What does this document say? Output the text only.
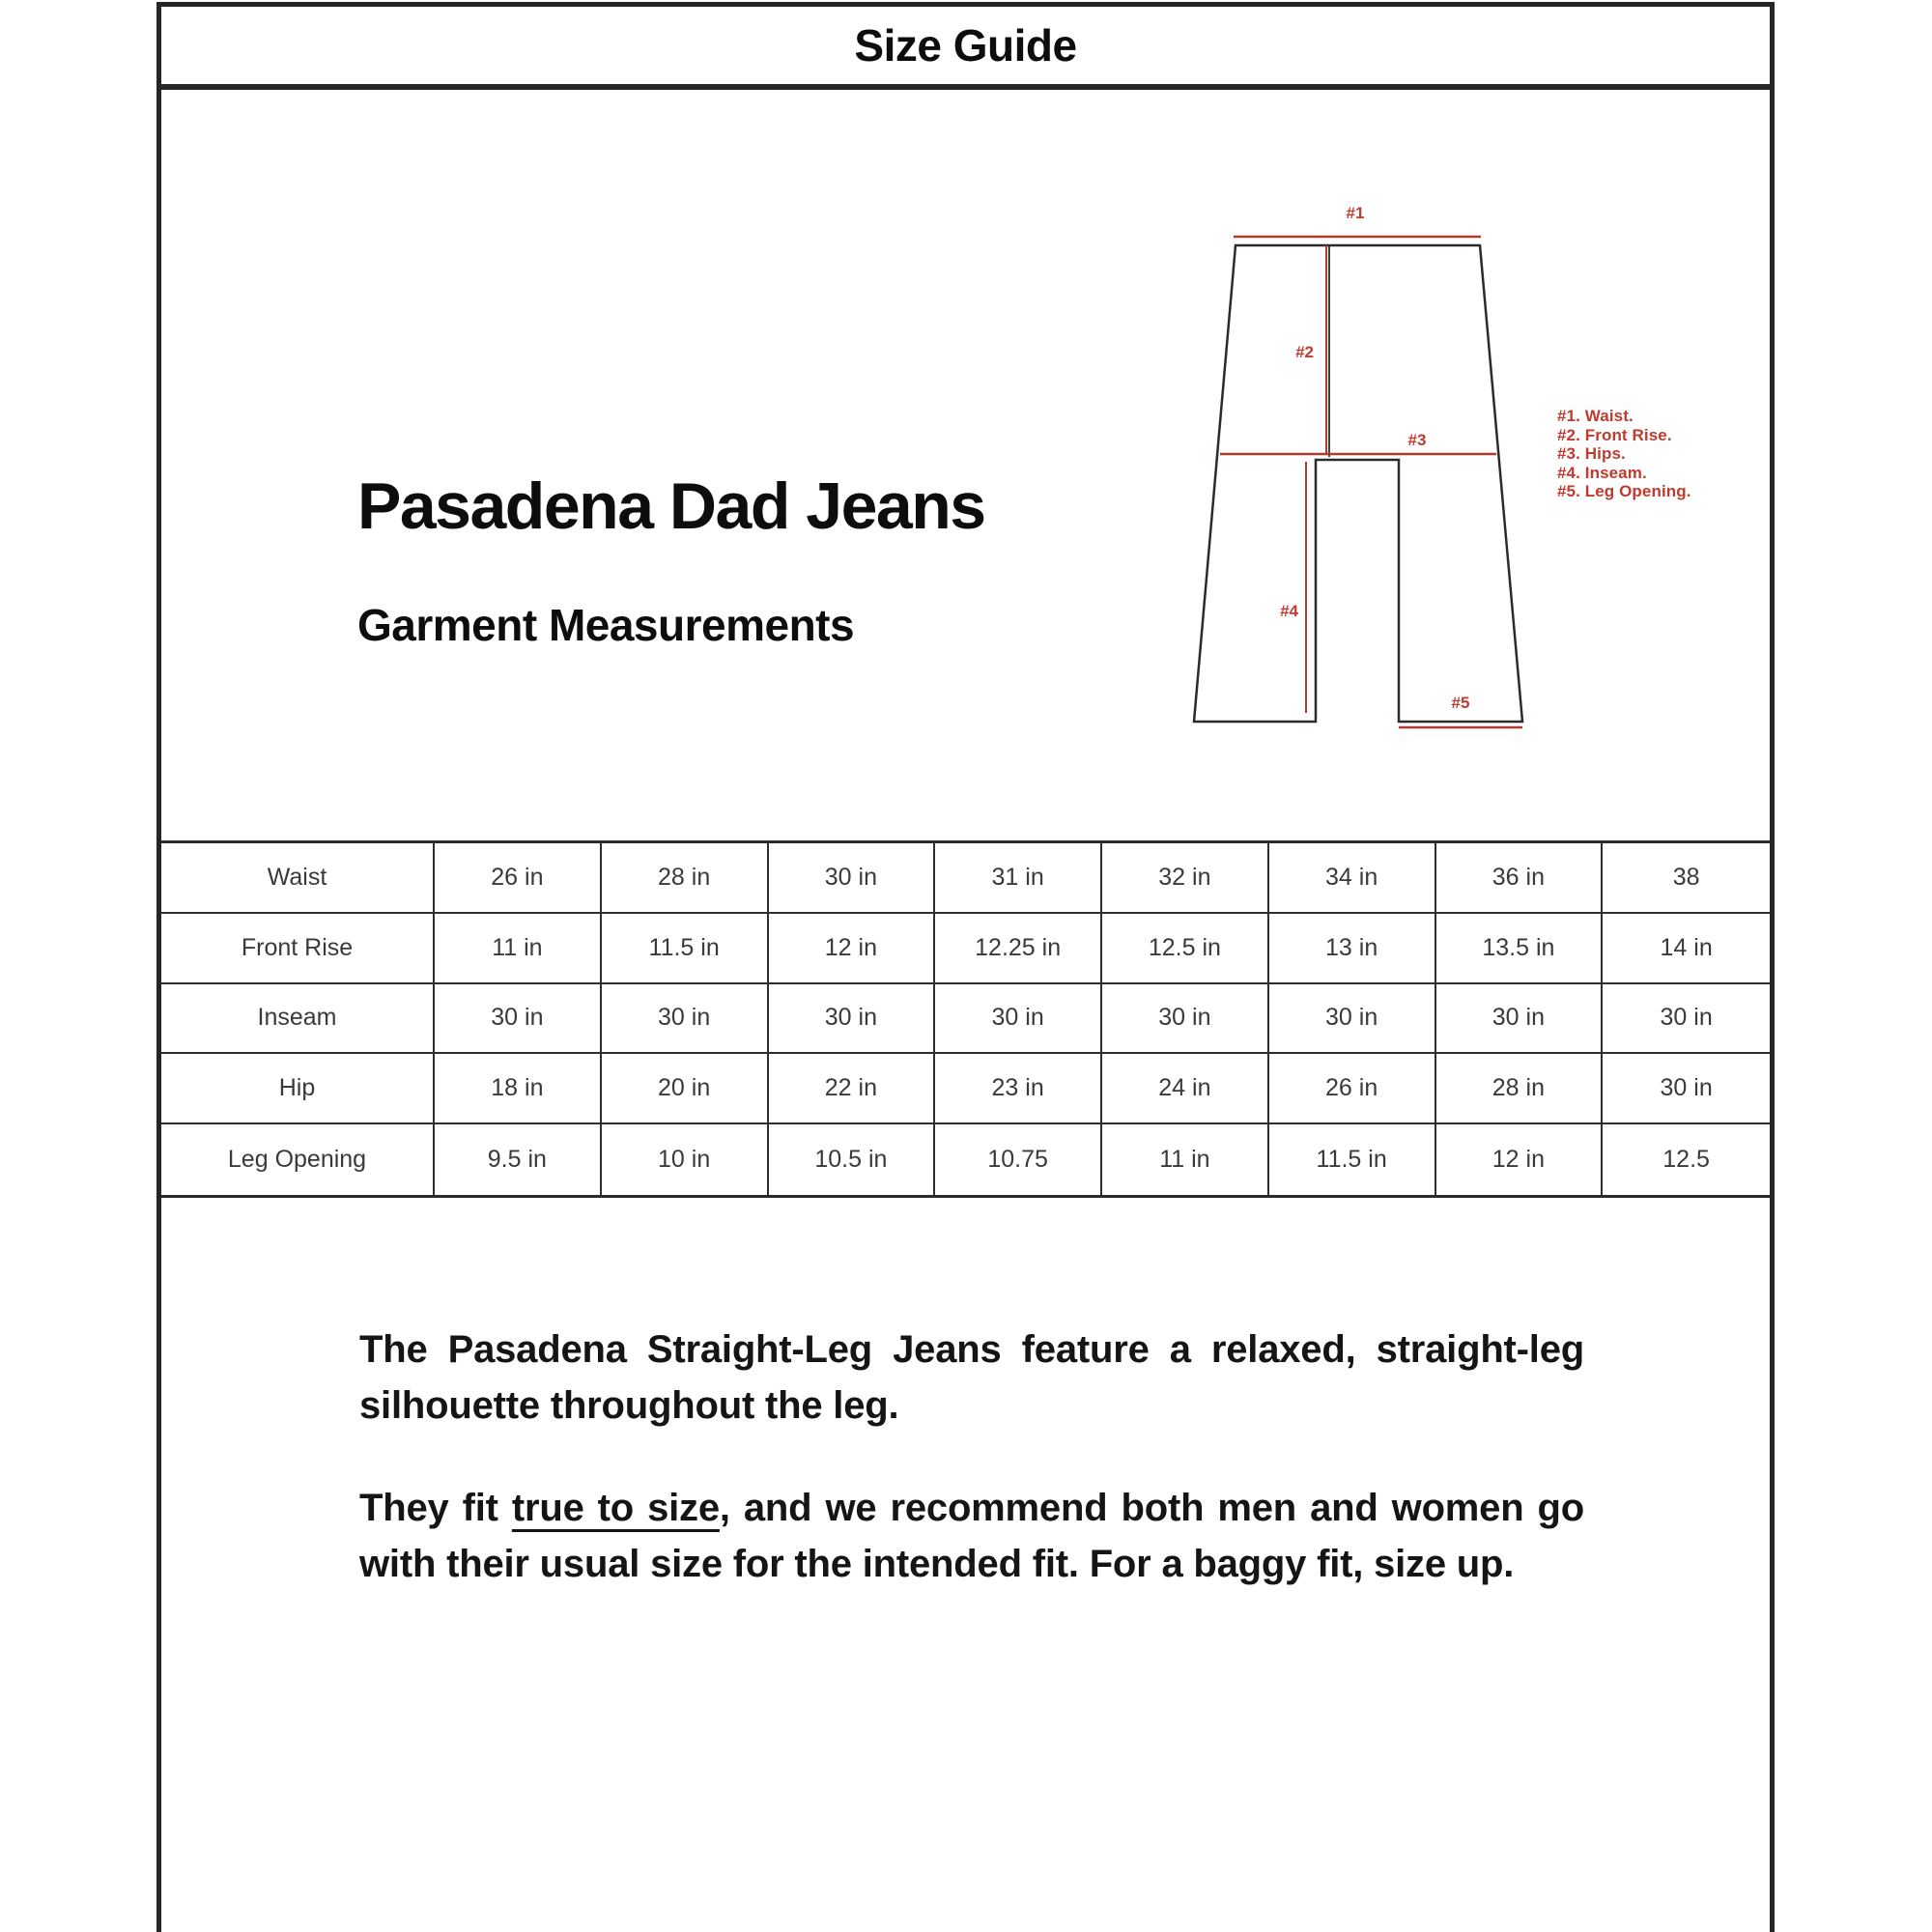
Size Guide
Pasadena Dad Jeans
Garment Measurements
#1
#2
#3
#4
#5
#1. Waist.
#2. Front Rise.
#3. Hips.
#4. Inseam.
#5. Leg Opening.
Waist	26 in	28 in	30 in	31 in	32 in	34 in	36 in	38
Front Rise	11 in	11.5 in	12 in	12.25 in	12.5 in	13 in	13.5 in	14 in
Inseam	30 in	30 in	30 in	30 in	30 in	30 in	30 in	30 in
Hip	18 in	20 in	22 in	23 in	24 in	26 in	28 in	30 in
Leg Opening	9.5 in	10 in	10.5 in	10.75	11 in	11.5 in	12 in	12.5

The Pasadena Straight-Leg Jeans feature a relaxed, straight-leg silhouette throughout the leg.

They fit true to size, and we recommend both men and women go with their usual size for the intended fit. For a baggy fit, size up.
